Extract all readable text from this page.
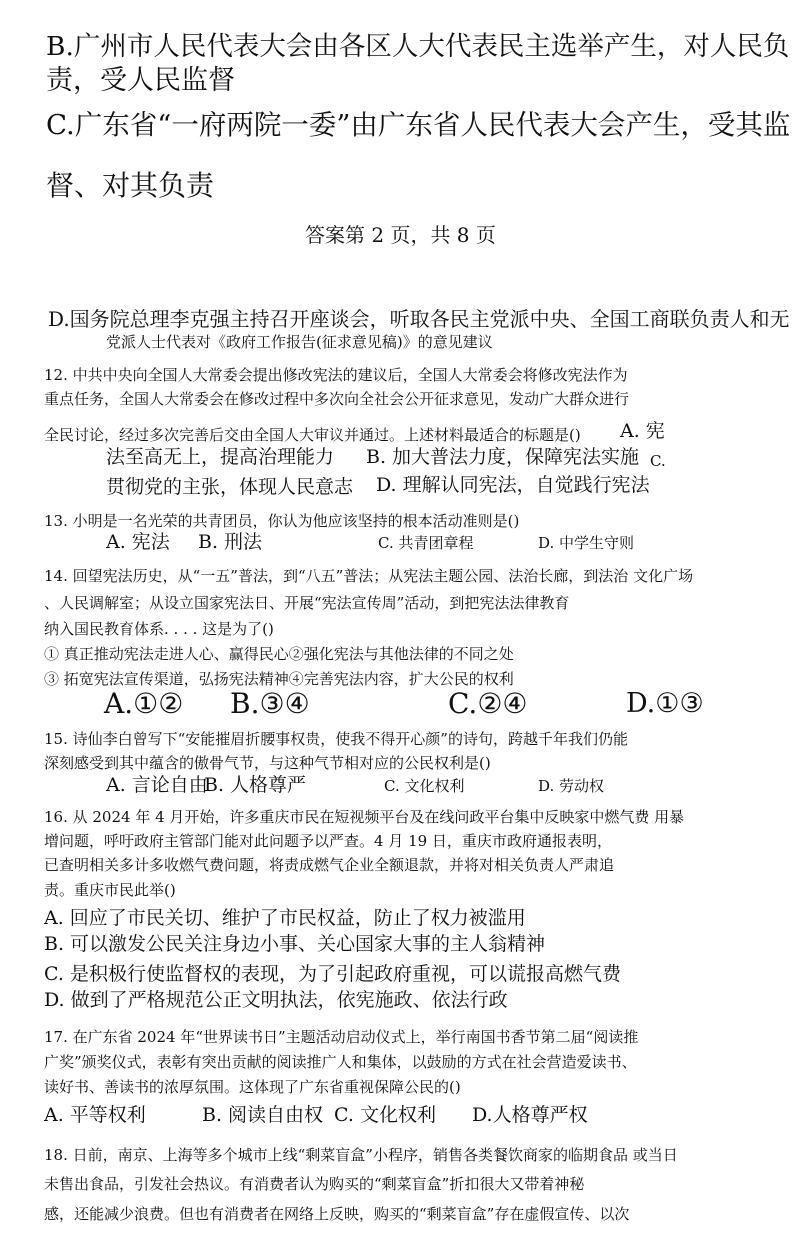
B.广州市人民代表大会由各区人大代表民主选举产生，对人民负
责，受人民监督
C.广东省“一府两院一委”由广东省人民代表大会产生，受其监
督、对其负责
答案第 2 页，共 8 页
D.国务院总理李克强主持召开座谈会，听取各民主党派中央、全国工商联负责人和无
党派人士代表对《政府工作报告(征求意见稿)》的意见建议
12. 中共中央向全国人大常委会提出修改宪法的建议后，全国人大常委会将修改宪法作为
重点任务，全国人大常委会在修改过程中多次向全社会公开征求意见，发动广大群众进行
全民讨论，经过多次完善后交由全国人大审议并通过。上述材料最适合的标题是() A. 宪
法至高无上，提高治理能力 B. 加大普法力度，保障宪法实施 C.
贯彻党的主张，体现人民意志 D. 理解认同宪法，自觉践行宪法
13. 小明是一名光荣的共青团员，你认为他应该坚持的根本活动准则是()
A. 宪法 B. 刑法	C. 共青团章程	D. 中学生守则
14. 回望宪法历史，从“一五”普法，到“八五”普法；从宪法主题公园、法治长廊，到法治 文化广场
、人民调解室；从设立国家宪法日、开展“宪法宣传周”活动，到把宪法法律教育
纳入国民教育体系. . . . 这是为了()
① 真正推动宪法走进人心、赢得民心②强化宪法与其他法律的不同之处
③ 拓宽宪法宣传渠道，弘扬宪法精神④完善宪法内容，扩大公民的权利
A.①② B.③④	C.②④	D.①③
15. 诗仙李白曾写下“安能摧眉折腰事权贵，使我不得开心颜”的诗句，跨越千年我们仍能
深刻感受到其中蕴含的傲骨气节，与这种气节相对应的公民权利是()
A. 言论自由
B. 人格尊严	C. 文化权利	D. 劳动权
16. 从 2024 年 4 月开始，许多重庆市民在短视频平台及在线问政平台集中反映家中燃气费 用暴
增问题，呼吁政府主管部门能对此问题予以严查。4 月 19 日，重庆市政府通报表明，
已查明相关多计多收燃气费问题，将责成燃气企业全额退款，并将对相关负责人严肃追
责。重庆市民此举()
A. 回应了市民关切、维护了市民权益，防止了权力被滥用
B. 可以激发公民关注身边小事、关心国家大事的主人翁精神
C. 是积极行使监督权的表现，为了引起政府重视，可以谎报高燃气费
D. 做到了严格规范公正文明执法，依宪施政、依法行政
17. 在广东省 2024 年“世界读书日”主题活动启动仪式上，举行南国书香节第二届“阅读推
广奖”颁奖仪式，表彰有突出贡献的阅读推广人和集体，以鼓励的方式在社会营造爱读书、
读好书、善读书的浓厚氛围。这体现了广东省重视保障公民的()
A. 平等权利	B. 阅读自由权 C. 文化权利 D.人格尊严权
18. 日前，南京、上海等多个城市上线“剩菜盲盒”小程序，销售各类餐饮商家的临期食品 或当日
未售出食品，引发社会热议。有消费者认为购买的“剩菜盲盒”折扣很大又带着神秘
感，还能减少浪费。但也有消费者在网络上反映，购买的“剩菜盲盒”存在虚假宣传、以次
